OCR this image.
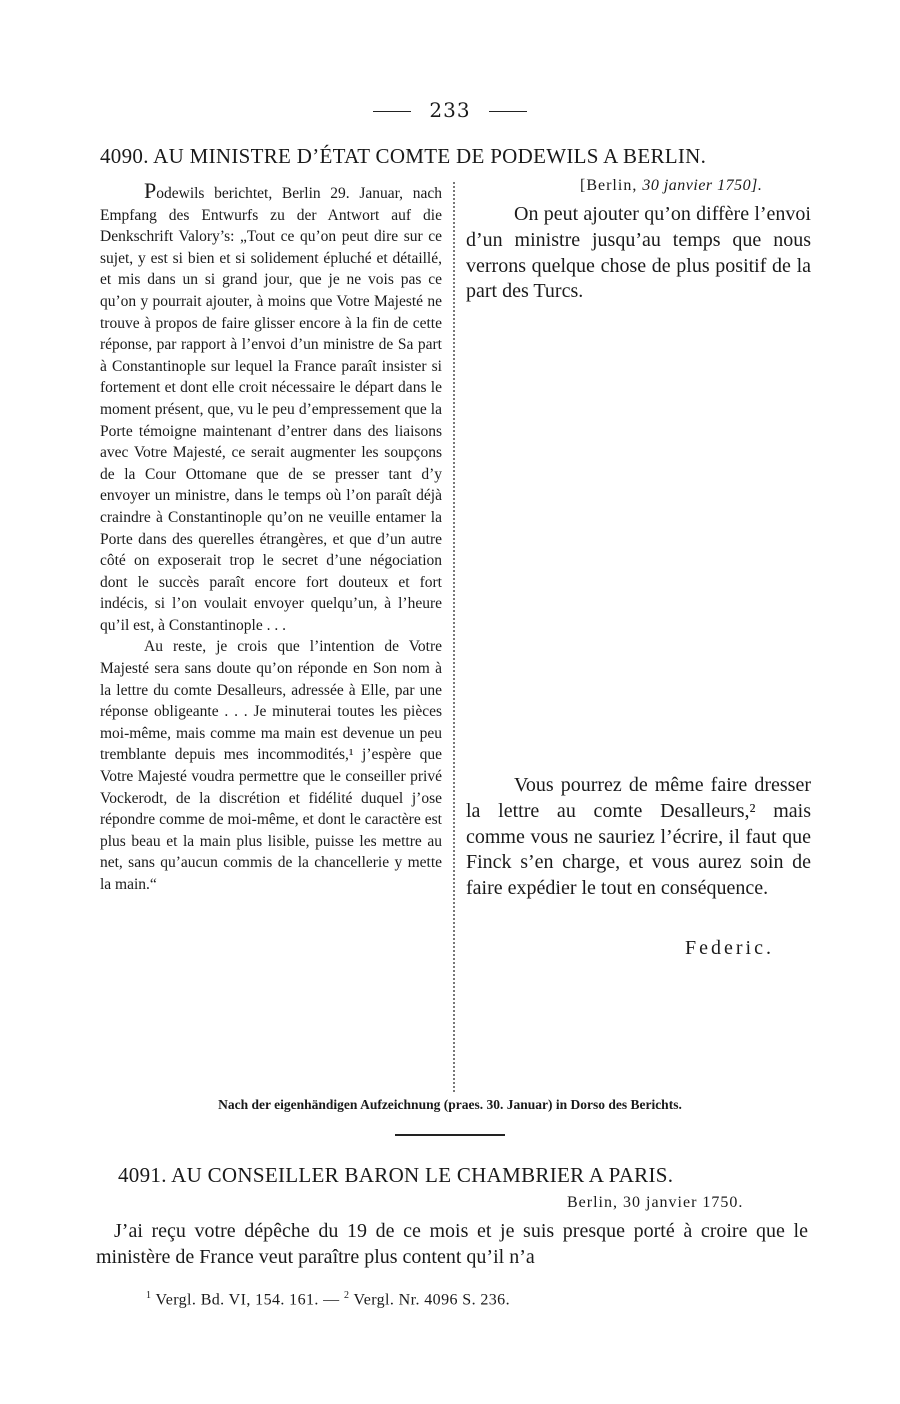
233
4090. AU MINISTRE D’ÉTAT COMTE DE PODEWILS A BERLIN.

Podewils berichtet, Berlin 29. Januar, nach Empfang des Entwurfs zu der Antwort auf die Denkschrift Valory’s: „Tout ce qu’on peut dire sur ce sujet, y est si bien et si solidement épluché et détaillé, et mis dans un si grand jour, que je ne vois pas ce qu’on y pourrait ajouter, à moins que Votre Majesté ne trouve à propos de faire glisser encore à la fin de cette réponse, par rapport à l’envoi d’un ministre de Sa part à Constantinople sur lequel la France paraît insister si fortement et dont elle croit nécessaire le départ dans le moment présent, que, vu le peu d’empressement que la Porte témoigne maintenant d’entrer dans des liaisons avec Votre Majesté, ce serait augmenter les soupçons de la Cour Ottomane que de se presser tant d’y envoyer un ministre, dans le temps où l’on paraît déjà craindre à Constantinople qu’on ne veuille entamer la Porte dans des querelles étrangères, et que d’un autre côté on exposerait trop le secret d’une négociation dont le succès paraît encore fort douteux et fort indécis, si l’on voulait envoyer quelqu’un, à l’heure qu’il est, à Constantinople . . .

Au reste, je crois que l’intention de Votre Majesté sera sans doute qu’on réponde en Son nom à la lettre du comte Desalleurs, adressée à Elle, par une réponse obligeante . . . Je minuterai toutes les pièces moi-même, mais comme ma main est devenue un peu tremblante depuis mes incommodités,¹ j’espère que Votre Majesté voudra permettre que le conseiller privé Vockerodt, de la discrétion et fidélité duquel j’ose répondre comme de moi-même, et dont le caractère est plus beau et la main plus lisible, puisse les mettre au net, sans qu’aucun commis de la chancellerie y mette la main.“

[Berlin, 30 janvier 1750].

On peut ajouter qu’on diffère l’envoi d’un ministre jusqu’au temps que nous verrons quelque chose de plus positif de la part des Turcs.

Vous pourrez de même faire dresser la lettre au comte Desalleurs,² mais comme vous ne sauriez l’écrire, il faut que Finck s’en charge, et vous aurez soin de faire expédier le tout en conséquence.

Federic.
Nach der eigenhändigen Aufzeichnung (praes. 30. Januar) in Dorso des Berichts.
4091. AU CONSEILLER BARON LE CHAMBRIER A PARIS.
Berlin, 30 janvier 1750.

J’ai reçu votre dépêche du 19 de ce mois et je suis presque porté à croire que le ministère de France veut paraître plus content qu’il n’a

$^1$ Vergl. Bd. VI, 154. 161. — $^2$ Vergl. Nr. 4096 S. 236.
